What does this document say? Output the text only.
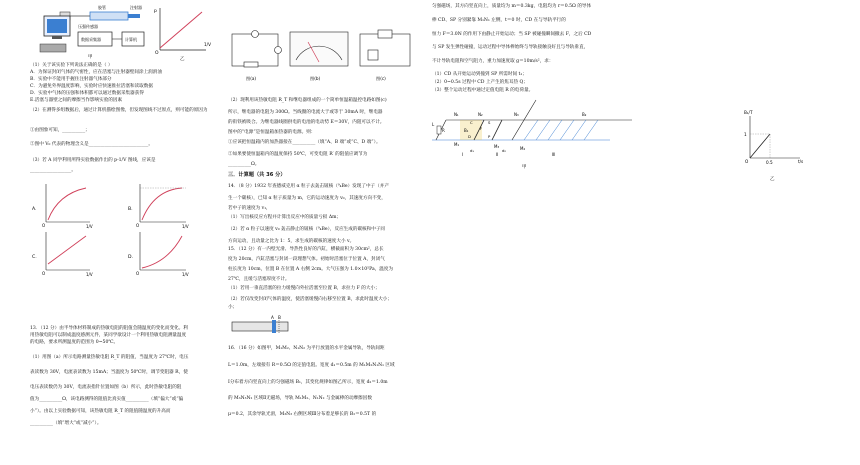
数据采集器
胶管	注射器
压强传感器
计算机
甲
p
O
1/V
乙
（1）关于该实验下列说法正确的是（ ）
A．为保证封闭气体的气密性，应在活塞与注射器壁间涂上润滑油
B．实验中不能用手握住注射器气体部分
C．为避免外界温度影响，实验时应快速推拉活塞和读取数据
D．实验中气体的压强和体积都可以通过数据采集器获得
E.活塞与器壁之间的摩擦当作影响实验的因素
（2）在测得多组数据后，通过计算机描绘图像，但发现图线不过原点，则可能的原因为
①由图象可知，__________；
②图中 V₀ 代表的物理含义是__________________________。
（3）若 A 同学利用所得实验数据作出的 p-1/V 图线，应该是
__________________。
A.
O	1/V
B.
O	1/V
C.
O	1/V
D.
O	1/V
13．（12 分）由半导体材料制成的热敏电阻的阻值会随温度的变化而变化。利
用热敏电阻可以制成温度感测元件，某同学欲设计一个利用热敏电阻测量温度
的电路，要求所测温度的范围为 0~50℃。
（1）用图（a）所示电路测量热敏电阻 R_T 的阻值，当温度为 27℃时，电压
表读数为 30V，电流表读数为 15mA；当温度为 50℃时，调节变阻器 R，使
电压表读数仍为 30V，电流表指针位置如图（b）所示，此时热敏电阻的阻
值为__________Ω，该电路测得的阻值比真实值__________（填“偏大”或“偏
小”）。由以上实验数据可知，该热敏电阻 R_T 的阻值随温度的升高而
__________（填“增大”或“减小”）。
图(a)	图(b)	图(c)
（2）现利用该热敏电阻 R_T 和继电器组成的一个简单恒温箱温控电路如图(c)
所示，继电器的电阻为 300Ω。当线圈的电流大于或等于 30mA 时，继电器
的衔铁被吸合。为继电器线圈供电的电池的电动势 E＝30V，内阻可以不计。
图中的“电源”是恒温箱加热器的电源。则：
①应该把恒温箱内的加热器接在__________（填“A、B 端”或“C、D 端”）。
②如果要使恒温箱内的温度保持 50℃，可变电阻 R′ 的阻值应调节为
__________Ω。
三．计算题（共 36 分）
14．（8 分）1932 年查德威克用 α 粒子去轰击铍核（⁹₄Be）发现了中子（并产
生一个碳核），已知 α 粒子质量为 m，它的运动速度为 v₀，其速度方向不变，
若中子的速度为 v₁，
（1）写出核反应方程并计算出反应中的质量亏损 Δm；
（2）若 α 粒子以速度 v₀ 轰击静止的铍核（⁹₄Be），反应生成的碳核和中子同
方向运动，且动量之比为 1：5，求生成的碳核的速度大小 v。
15．（12 分）有一内壁光滑、导热性良好的汽缸，横截面积为 30cm²，总长
度为 20cm，汽缸活塞与封闭一段理想气体。初始时活塞位于位置 A，封闭气
柱长度为 10cm，位置 B 在位置 A 右侧 2cm。大气压强为 1.0×10⁵Pa，温度为
27℃，且缓与活塞厚度不计。
（1）若用一垂直活塞的拉力缓慢向外拉活塞至位置 B，求拉力 F 的大小；
（2）若仅改变封闭气体的温度，使活塞缓慢向右移至位置 B，求此时温度大小；
小；
A B
16．（16 分）如图甲，M₁M₂、N₁N₂ 为平行放置的水平金属导轨，导轨间距
L＝1.0m，左端接有 R＝0.5Ω 的定值电阻。宽度 d₁＝0.5m 的 M₁M₂N₁N₁ 区域
Ⅰ分布着方向竖直向上的匀强磁场 B₁，其变化规律如图乙所示，宽度 d₂＝1.0m
的 M₃N₃N₂ 区域Ⅱ无磁场，导轨 M₁M₂、N₁N₂ 与金属棒的动摩擦因数
μ＝0.2，其余导轨光滑，M₃N₃ 右侧区域Ⅲ分布着足够长的 B₂＝0.5T 的
匀强磁场，其方向竖直向上，质量均为 m＝0.3kg，电阻均为 r＝0.5Ω 的导体
棒 CD、SP 分别紧靠 M₁N₁ 左侧，t＝0 时，CD 在与导轨平行的
恒力 F＝3.0N 的作用下由静止开始运动；当 SP 被碰撞瞬间撤去 F，之后 CD
与 SP 发生弹性碰撞，运动过程中导体棒始终与导轨接触良好且与导轨垂直，
不计导轨电阻和空气阻力，重力加速度取 g＝10m/s²，求：
（1）CD 从开始运动到撞到 SP 所需时间 t₁；
（2）0~0.5s 过程中 CD 上产生的焦耳热 Q；
（3）整个运动过程中通过定值电阻 R 的电荷量。
N₁
M₁
N₂
M₂
N₃
M₃
B₁
B₂
L
R
C
D
S
P
F
Ⅰ	Ⅱ	Ⅲ
d₁	d₂
甲
B₁/T
1
O	0.5	t/s
乙
